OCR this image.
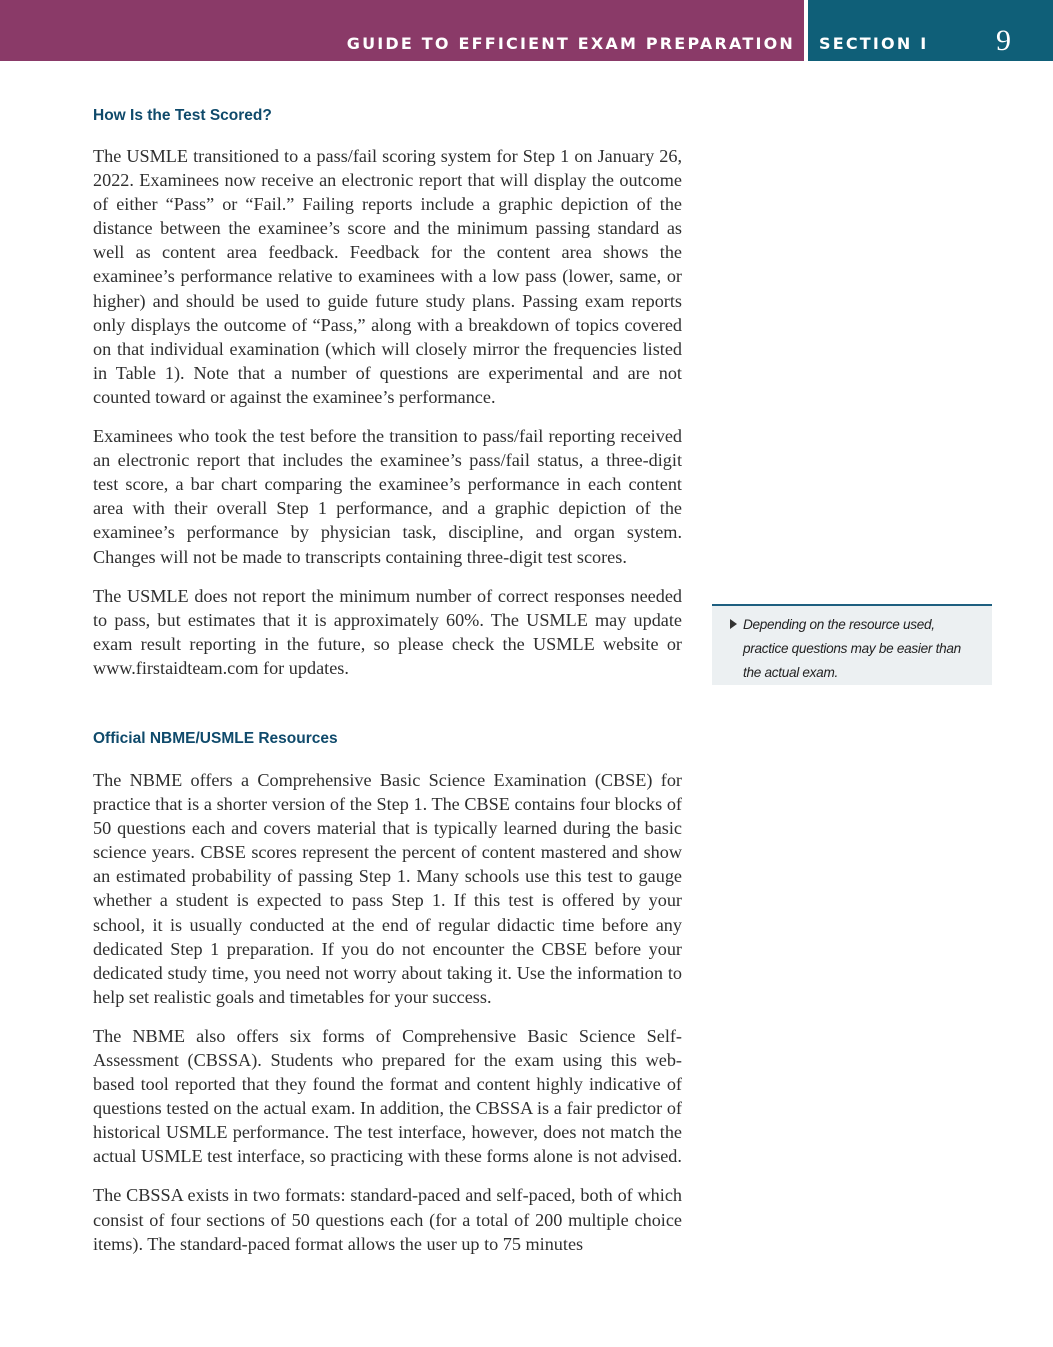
GUIDE TO EFFICIENT EXAM PREPARATION SECTION I 9
How Is the Test Scored?

The USMLE transitioned to a pass/fail scoring system for Step 1 on January 26, 2022. Examinees now receive an electronic report that will display the outcome of either “Pass” or “Fail.” Failing reports include a graphic depiction of the distance between the examinee’s score and the minimum passing standard as well as content area feedback. Feedback for the content area shows the examinee’s performance relative to examinees with a low pass (lower, same, or higher) and should be used to guide future study plans. Passing exam reports only displays the outcome of “Pass,” along with a breakdown of topics covered on that individual examination (which will closely mirror the frequencies listed in Table 1). Note that a number of questions are experimental and are not counted toward or against the examinee’s performance.

Examinees who took the test before the transition to pass/fail reporting received an electronic report that includes the examinee’s pass/fail status, a three-digit test score, a bar chart comparing the examinee’s performance in each content area with their overall Step 1 performance, and a graphic depiction of the examinee’s performance by physician task, discipline, and organ system. Changes will not be made to transcripts containing three-digit test scores.

The USMLE does not report the minimum number of correct responses needed to pass, but estimates that it is approximately 60%. The USMLE may update exam result reporting in the future, so please check the USMLE website or www.firstaidteam.com for updates.

Official NBME/USMLE Resources

The NBME offers a Comprehensive Basic Science Examination (CBSE) for practice that is a shorter version of the Step 1. The CBSE contains four blocks of 50 questions each and covers material that is typically learned during the basic science years. CBSE scores represent the percent of content mastered and show an estimated probability of passing Step 1. Many schools use this test to gauge whether a student is expected to pass Step 1. If this test is offered by your school, it is usually conducted at the end of regular didactic time before any dedicated Step 1 preparation. If you do not encounter the CBSE before your dedicated study time, you need not worry about taking it. Use the information to help set realistic goals and timetables for your success.

The NBME also offers six forms of Comprehensive Basic Science Self-Assessment (CBSSA). Students who prepared for the exam using this web-based tool reported that they found the format and content highly indicative of questions tested on the actual exam. In addition, the CBSSA is a fair predictor of historical USMLE performance. The test interface, however, does not match the actual USMLE test interface, so practicing with these forms alone is not advised.

The CBSSA exists in two formats: standard-paced and self-paced, both of which consist of four sections of 50 questions each (for a total of 200 multiple choice items). The standard-paced format allows the user up to 75 minutes

Depending on the resource used, practice questions may be easier than the actual exam.
